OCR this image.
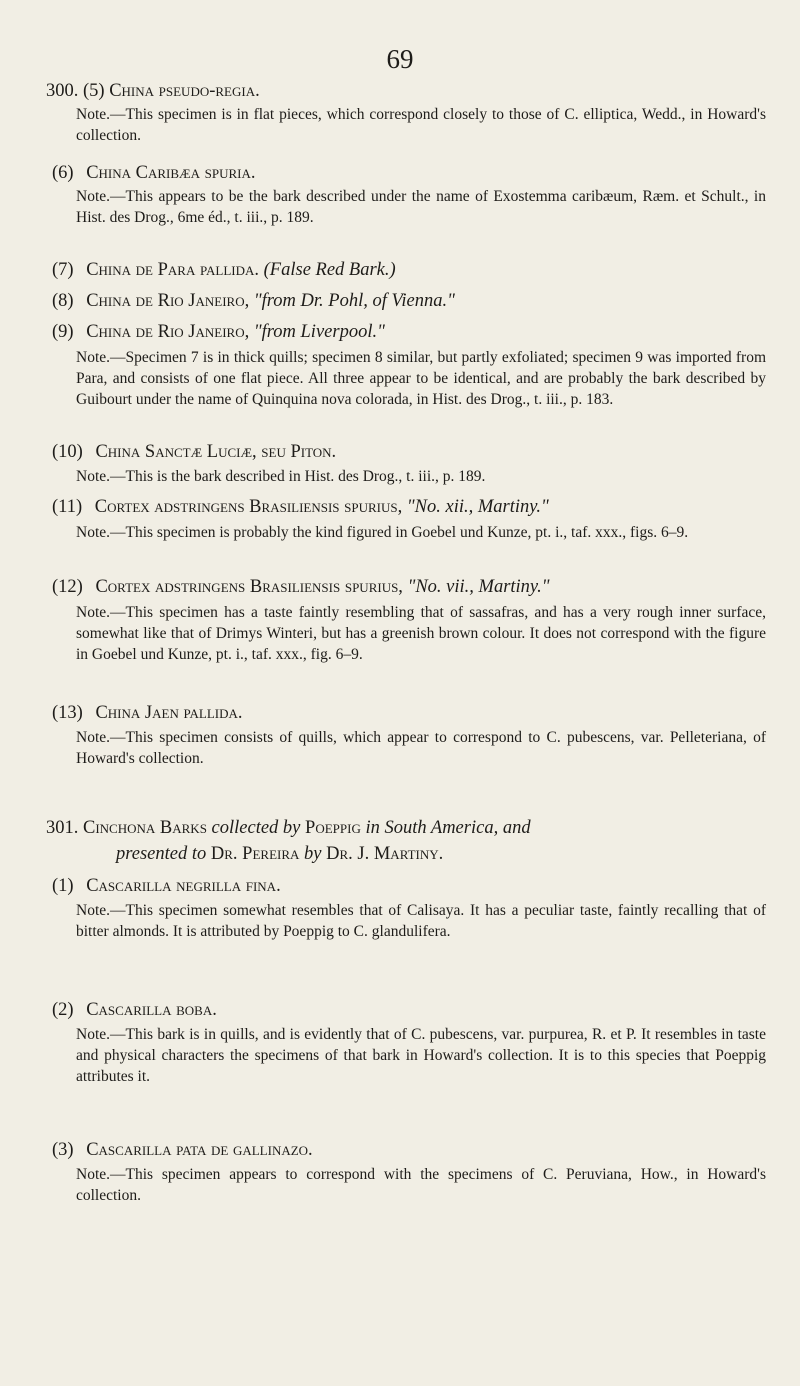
69
300. (5) China pseudo-regia.

Note.—This specimen is in flat pieces, which correspond closely to those of C. elliptica, Wedd., in Howard's collection.

(6) China Caribæa spuria.

Note.—This appears to be the bark described under the name of Exostemma caribæum, Ræm. et Schult., in Hist. des Drog., 6me éd., t. iii., p. 189.

(7) China de Para pallida. (False Red Bark.)
(8) China de Rio Janeiro, "from Dr. Pohl, of Vienna."
(9) China de Rio Janeiro, "from Liverpool."

Note.—Specimen 7 is in thick quills; specimen 8 similar, but partly exfoliated; specimen 9 was imported from Para, and consists of one flat piece. All three appear to be identical, and are probably the bark described by Guibourt under the name of Quinquina nova colorada, in Hist. des Drog., t. iii., p. 183.

(10) China Sanctæ Luciæ, seu Piton.

Note.—This is the bark described in Hist. des Drog., t. iii., p. 189.

(11) Cortex adstringens Brasiliensis spurius, "No. xii., Martiny."

Note.—This specimen is probably the kind figured in Goebel und Kunze, pt. i., taf. xxx., figs. 6–9.

(12) Cortex adstringens Brasiliensis spurius, "No. vii., Martiny."

Note.—This specimen has a taste faintly resembling that of sassafras, and has a very rough inner surface, somewhat like that of Drimys Winteri, but has a greenish brown colour. It does not correspond with the figure in Goebel und Kunze, pt. i., taf. xxx., fig. 6–9.

(13) China Jaen pallida.

Note.—This specimen consists of quills, which appear to correspond to C. pubescens, var. Pelleteriana, of Howard's collection.

301. Cinchona Barks collected by Poeppig in South America, and
presented to Dr. Pereira by Dr. J. Martiny.
(1) Cascarilla negrilla fina.

Note.—This specimen somewhat resembles that of Calisaya. It has a peculiar taste, faintly recalling that of bitter almonds. It is attributed by Poeppig to C. glandulifera.

(2) Cascarilla boba.

Note.—This bark is in quills, and is evidently that of C. pubescens, var. purpurea, R. et P. It resembles in taste and physical characters the specimens of that bark in Howard's collection. It is to this species that Poeppig attributes it.

(3) Cascarilla pata de gallinazo.

Note.—This specimen appears to correspond with the specimens of C. Peruviana, How., in Howard's collection.
